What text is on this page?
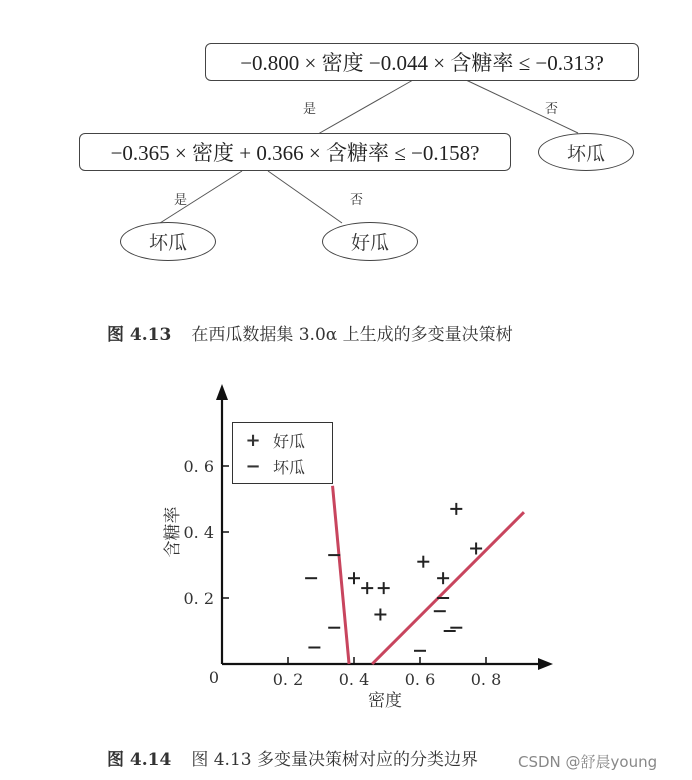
−0.800 × 密度 −0.044 × 含糖率 ≤ −0.313?
是	否
−0.365 × 密度 + 0.366 × 含糖率 ≤ −0.158?	坏瓜
是	否
坏瓜	好瓜
图 4.13 在西瓜数据集 3.0α 上生成的多变量决策树
0	0. 2 0. 4 0. 6 0. 8
0. 2
0. 4
0. 6
密度
含糖率
+ 好瓜
− 坏瓜
图 4.14 图 4.13 多变量决策树对应的分类边界	CSDN @舒晨young
